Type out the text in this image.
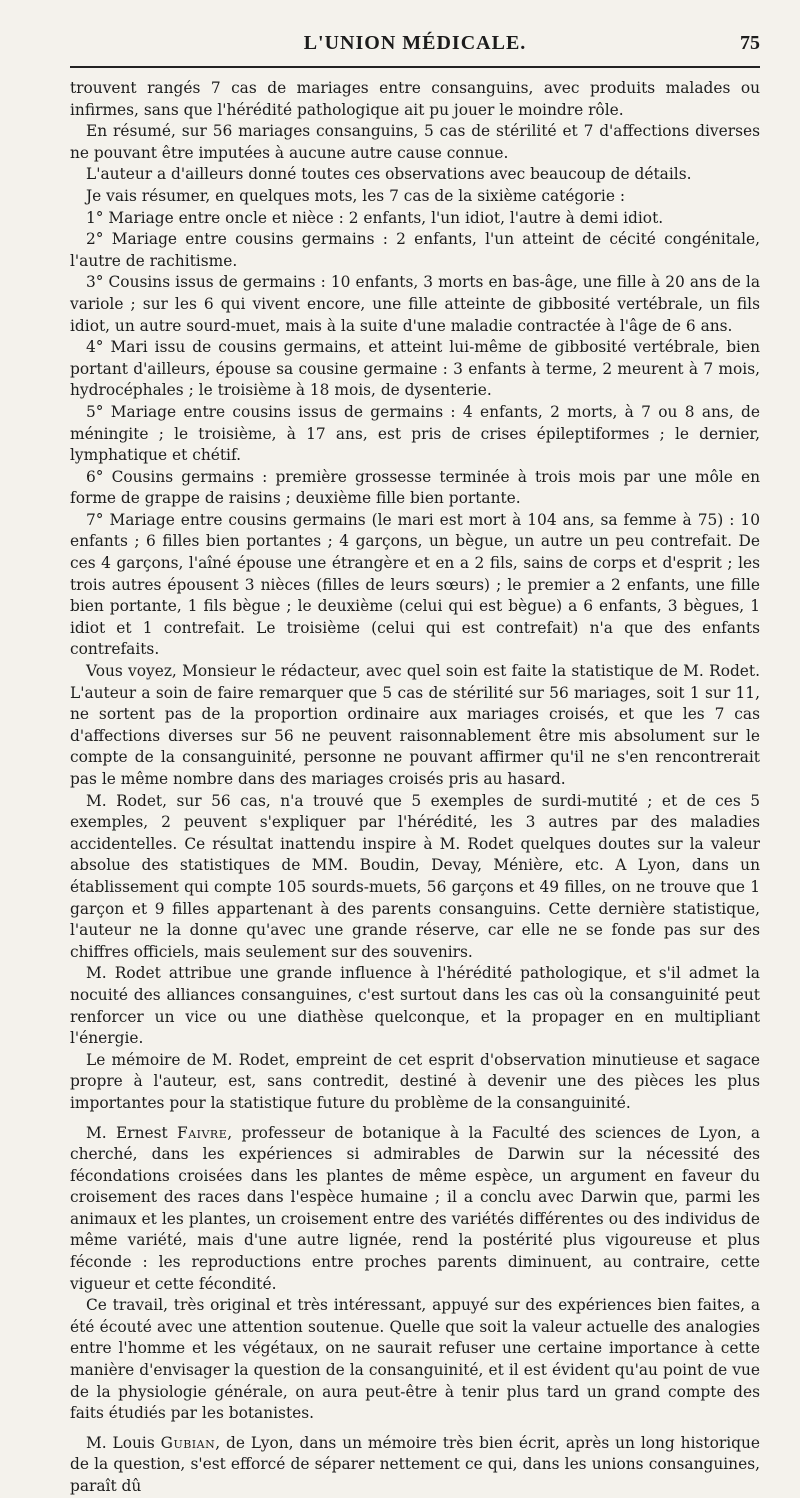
L'UNION MÉDICALE.	75

trouvent rangés 7 cas de mariages entre consanguins, avec produits malades ou infirmes, sans que l'hérédité pathologique ait pu jouer le moindre rôle.

En résumé, sur 56 mariages consanguins, 5 cas de stérilité et 7 d'affections diverses ne pouvant être imputées à aucune autre cause connue.

L'auteur a d'ailleurs donné toutes ces observations avec beaucoup de détails.

Je vais résumer, en quelques mots, les 7 cas de la sixième catégorie :

1° Mariage entre oncle et nièce : 2 enfants, l'un idiot, l'autre à demi idiot.

2° Mariage entre cousins germains : 2 enfants, l'un atteint de cécité congénitale, l'autre de rachitisme.

3° Cousins issus de germains : 10 enfants, 3 morts en bas-âge, une fille à 20 ans de la variole ; sur les 6 qui vivent encore, une fille atteinte de gibbosité vertébrale, un fils idiot, un autre sourd-muet, mais à la suite d'une maladie contractée à l'âge de 6 ans.

4° Mari issu de cousins germains, et atteint lui-même de gibbosité vertébrale, bien portant d'ailleurs, épouse sa cousine germaine : 3 enfants à terme, 2 meurent à 7 mois, hydrocéphales ; le troisième à 18 mois, de dysenterie.

5° Mariage entre cousins issus de germains : 4 enfants, 2 morts, à 7 ou 8 ans, de méningite ; le troisième, à 17 ans, est pris de crises épileptiformes ; le dernier, lymphatique et chétif.

6° Cousins germains : première grossesse terminée à trois mois par une môle en forme de grappe de raisins ; deuxième fille bien portante.

7° Mariage entre cousins germains (le mari est mort à 104 ans, sa femme à 75) : 10 enfants ; 6 filles bien portantes ; 4 garçons, un bègue, un autre un peu contrefait. De ces 4 garçons, l'aîné épouse une étrangère et en a 2 fils, sains de corps et d'esprit ; les trois autres épousent 3 nièces (filles de leurs sœurs) ; le premier a 2 enfants, une fille bien portante, 1 fils bègue ; le deuxième (celui qui est bègue) a 6 enfants, 3 bègues, 1 idiot et 1 contrefait. Le troisième (celui qui est contrefait) n'a que des enfants contrefaits.

Vous voyez, Monsieur le rédacteur, avec quel soin est faite la statistique de M. Rodet. L'auteur a soin de faire remarquer que 5 cas de stérilité sur 56 mariages, soit 1 sur 11, ne sortent pas de la proportion ordinaire aux mariages croisés, et que les 7 cas d'affections diverses sur 56 ne peuvent raisonnablement être mis absolument sur le compte de la consanguinité, personne ne pouvant affirmer qu'il ne s'en rencontrerait pas le même nombre dans des mariages croisés pris au hasard.

M. Rodet, sur 56 cas, n'a trouvé que 5 exemples de surdi-mutité ; et de ces 5 exemples, 2 peuvent s'expliquer par l'hérédité, les 3 autres par des maladies accidentelles. Ce résultat inattendu inspire à M. Rodet quelques doutes sur la valeur absolue des statistiques de MM. Boudin, Devay, Ménière, etc. A Lyon, dans un établissement qui compte 105 sourds-muets, 56 garçons et 49 filles, on ne trouve que 1 garçon et 9 filles appartenant à des parents consanguins. Cette dernière statistique, l'auteur ne la donne qu'avec une grande réserve, car elle ne se fonde pas sur des chiffres officiels, mais seulement sur des souvenirs.

M. Rodet attribue une grande influence à l'hérédité pathologique, et s'il admet la nocuité des alliances consanguines, c'est surtout dans les cas où la consanguinité peut renforcer un vice ou une diathèse quelconque, et la propager en en multipliant l'énergie.

Le mémoire de M. Rodet, empreint de cet esprit d'observation minutieuse et sagace propre à l'auteur, est, sans contredit, destiné à devenir une des pièces les plus importantes pour la statistique future du problème de la consanguinité.

M. Ernest Faivre, professeur de botanique à la Faculté des sciences de Lyon, a cherché, dans les expériences si admirables de Darwin sur la nécessité des fécondations croisées dans les plantes de même espèce, un argument en faveur du croisement des races dans l'espèce humaine ; il a conclu avec Darwin que, parmi les animaux et les plantes, un croisement entre des variétés différentes ou des individus de même variété, mais d'une autre lignée, rend la postérité plus vigoureuse et plus féconde : les reproductions entre proches parents diminuent, au contraire, cette vigueur et cette fécondité.

Ce travail, très original et très intéressant, appuyé sur des expériences bien faites, a été écouté avec une attention soutenue. Quelle que soit la valeur actuelle des analogies entre l'homme et les végétaux, on ne saurait refuser une certaine importance à cette manière d'envisager la question de la consanguinité, et il est évident qu'au point de vue de la physiologie générale, on aura peut-être à tenir plus tard un grand compte des faits étudiés par les botanistes.

M. Louis Gubian, de Lyon, dans un mémoire très bien écrit, après un long historique de la question, s'est efforcé de séparer nettement ce qui, dans les unions consanguines, paraît dû
